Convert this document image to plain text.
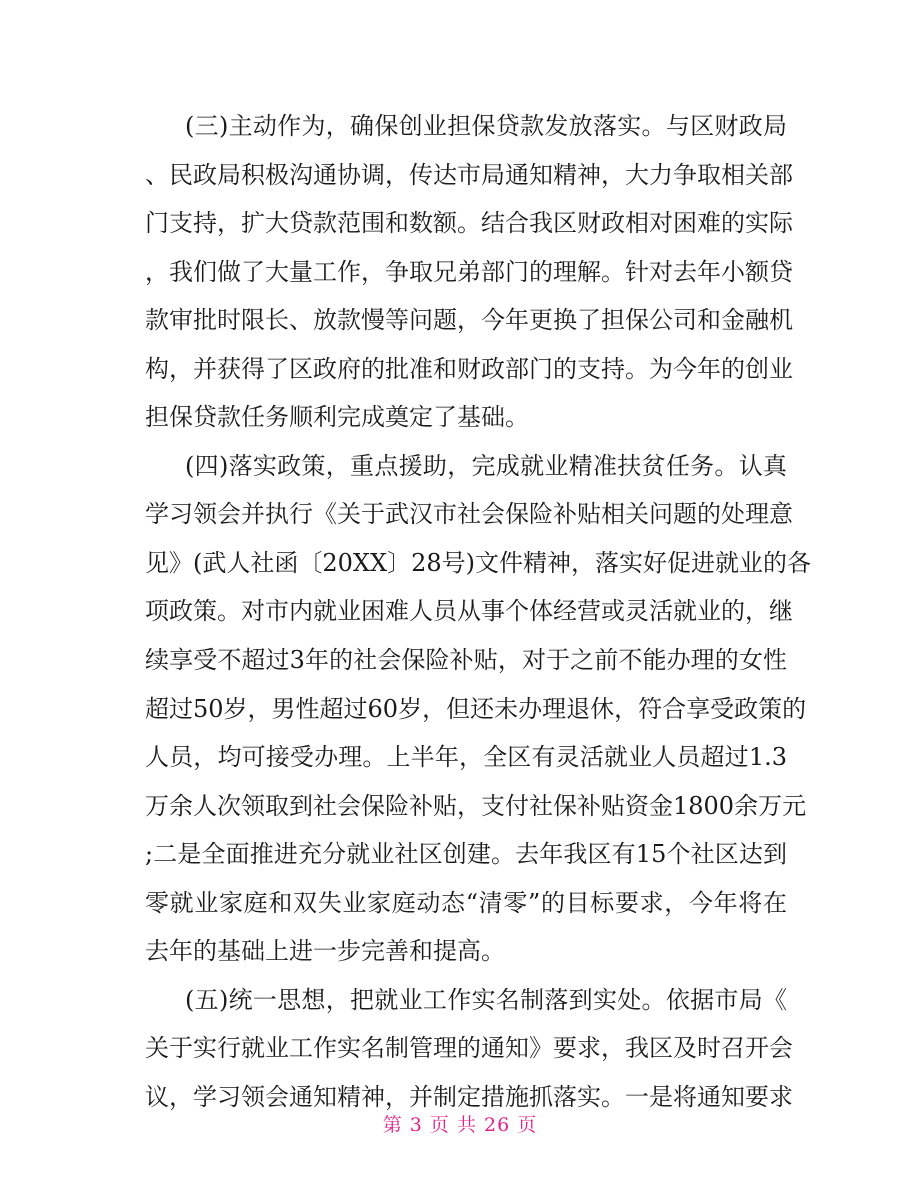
(三)主动作为，确保创业担保贷款发放落实。与区财政局
、民政局积极沟通协调，传达市局通知精神，大力争取相关部
门支持，扩大贷款范围和数额。结合我区财政相对困难的实际
，我们做了大量工作，争取兄弟部门的理解。针对去年小额贷
款审批时限长、放款慢等问题，今年更换了担保公司和金融机
构，并获得了区政府的批准和财政部门的支持。为今年的创业
担保贷款任务顺利完成奠定了基础。
(四)落实政策，重点援助，完成就业精准扶贫任务。认真
学习领会并执行《关于武汉市社会保险补贴相关问题的处理意
见》(武人社函〔20XX〕28号)文件精神，落实好促进就业的各
项政策。对市内就业困难人员从事个体经营或灵活就业的，继
续享受不超过3年的社会保险补贴，对于之前不能办理的女性
超过50岁，男性超过60岁，但还未办理退休，符合享受政策的
人员，均可接受办理。上半年，全区有灵活就业人员超过1.3
万余人次领取到社会保险补贴，支付社保补贴资金1800余万元
;二是全面推进充分就业社区创建。去年我区有15个社区达到
零就业家庭和双失业家庭动态“清零”的目标要求，今年将在
去年的基础上进一步完善和提高。
(五)统一思想，把就业工作实名制落到实处。依据市局《
关于实行就业工作实名制管理的通知》要求，我区及时召开会
议，学习领会通知精神，并制定措施抓落实。一是将通知要求
第 3 页 共 26 页
